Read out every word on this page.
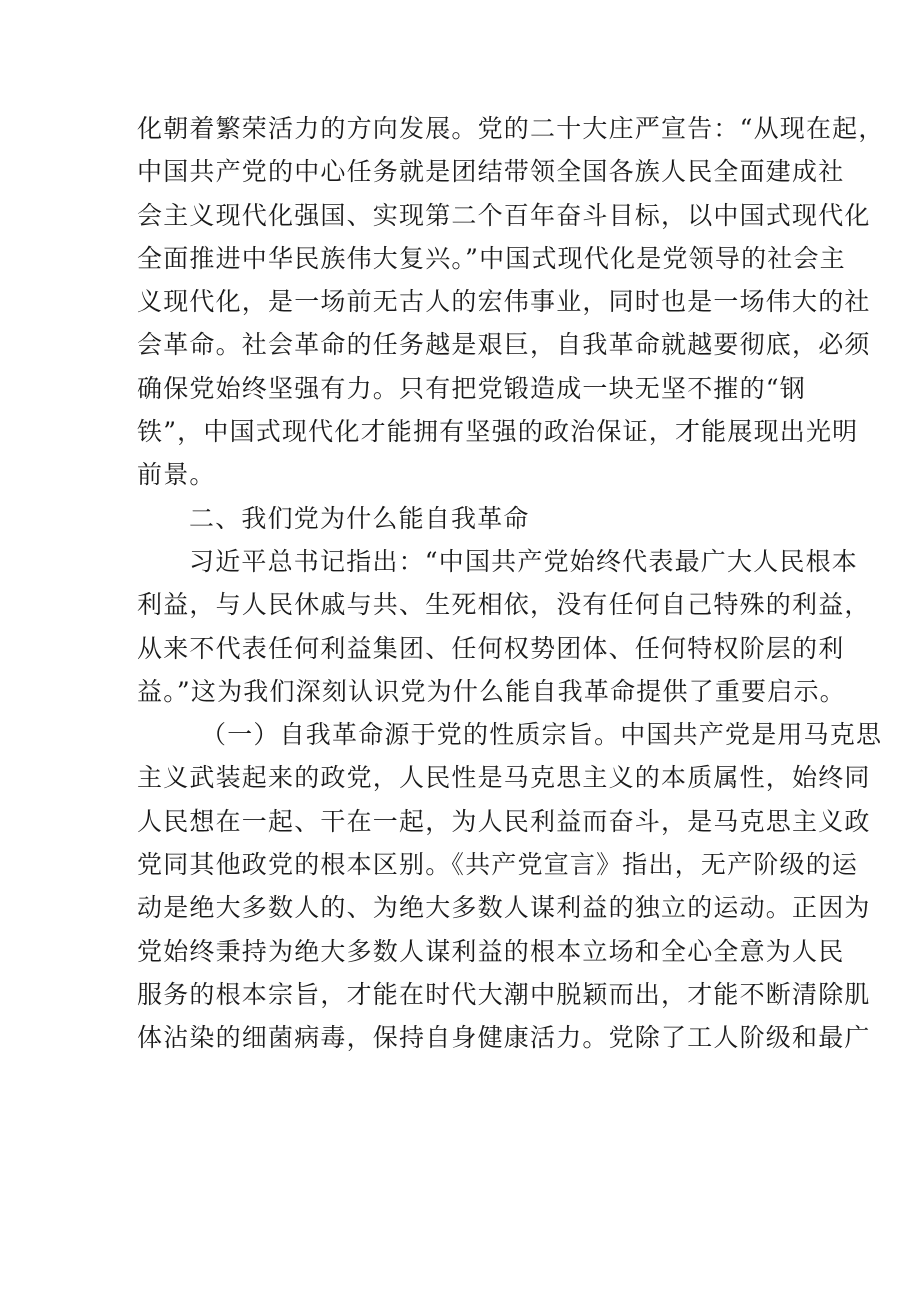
化朝着繁荣活力的方向发展。党的二十大庄严宣告：“从现在起，
中国共产党的中心任务就是团结带领全国各族人民全面建成社
会主义现代化强国、实现第二个百年奋斗目标，以中国式现代化
全面推进中华民族伟大复兴。”中国式现代化是党领导的社会主
义现代化，是一场前无古人的宏伟事业，同时也是一场伟大的社
会革命。社会革命的任务越是艰巨，自我革命就越要彻底，必须
确保党始终坚强有力。只有把党锻造成一块无坚不摧的“钢
铁”，中国式现代化才能拥有坚强的政治保证，才能展现出光明
前景。
二、我们党为什么能自我革命
习近平总书记指出：“中国共产党始终代表最广大人民根本
利益，与人民休戚与共、生死相依，没有任何自己特殊的利益，
从来不代表任何利益集团、任何权势团体、任何特权阶层的利
益。”这为我们深刻认识党为什么能自我革命提供了重要启示。
（一）自我革命源于党的性质宗旨。中国共产党是用马克思
主义武装起来的政党，人民性是马克思主义的本质属性，始终同
人民想在一起、干在一起，为人民利益而奋斗，是马克思主义政
党同其他政党的根本区别。《共产党宣言》指出，无产阶级的运
动是绝大多数人的、为绝大多数人谋利益的独立的运动。正因为
党始终秉持为绝大多数人谋利益的根本立场和全心全意为人民
服务的根本宗旨，才能在时代大潮中脱颖而出，才能不断清除肌
体沾染的细菌病毒，保持自身健康活力。党除了工人阶级和最广
